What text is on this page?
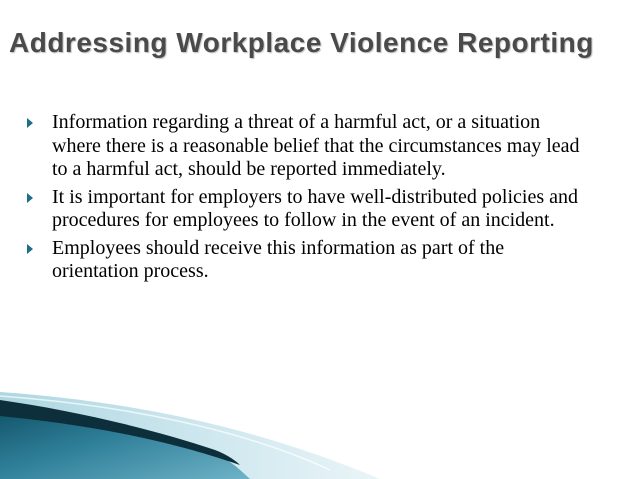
Addressing Workplace Violence Reporting
Information regarding a threat of a harmful act, or a situation where there is a reasonable belief that the circumstances may lead to a harmful act, should be reported immediately.
It is important for employers to have well-distributed policies and procedures for employees to follow in the event of an incident.
Employees should receive this information as part of the orientation process.
